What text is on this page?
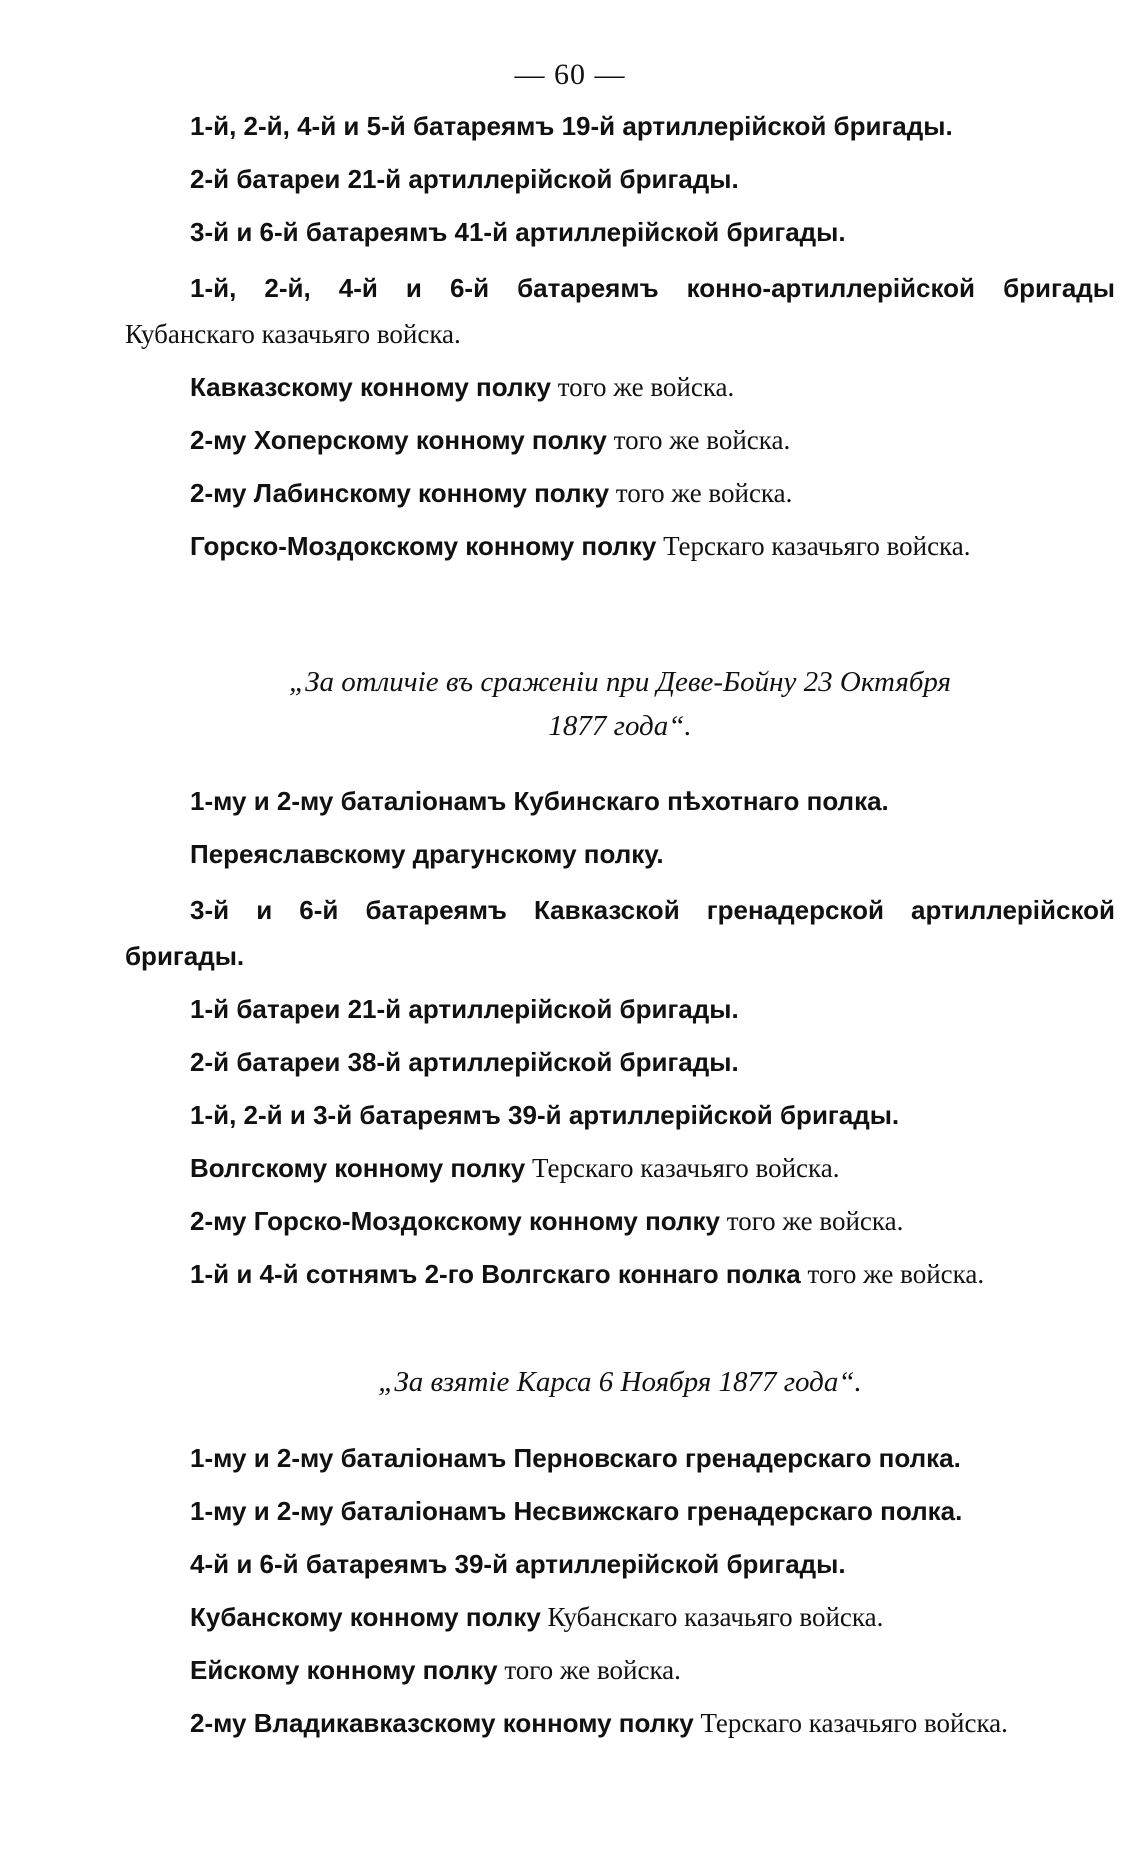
— 60 —
1-й, 2-й, 4-й и 5-й батареямъ 19-й артиллерiйской бригады.
2-й батареи 21-й артиллерiйской бригады.
3-й и 6-й батареямъ 41-й артиллерiйской бригады.
1-й, 2-й, 4-й и 6-й батареямъ конно-артиллерiйской бригады
Кубанскаго казачьяго войска.
Кавказскому конному полку того же войска.
2-му Хоперскому конному полку того же войска.
2-му Лабинскому конному полку того же войска.
Горско-Моздокскому конному полку Терскаго казачьяго войска.
„За отличiе въ сраженiи при Деве-Бойну 23 Октября
1877 года“.
1-му и 2-му баталiонамъ Кубинскаго пѣхотнаго полка.
Переяславскому драгунскому полку.
3-й и 6-й батареямъ Кавказской гренадерской артиллерiйской
бригады.
1-й батареи 21-й артиллерiйской бригады.
2-й батареи 38-й артиллерiйской бригады.
1-й, 2-й и 3-й батареямъ 39-й артиллерiйской бригады.
Волгскому конному полку Терскаго казачьяго войска.
2-му Горско-Моздокскому конному полку того же войска.
1-й и 4-й сотнямъ 2-го Волгскаго коннаго полка того же войска.
„За взятiе Карса 6 Ноября 1877 года“.
1-му и 2-му баталiонамъ Перновскаго гренадерскаго полка.
1-му и 2-му баталiонамъ Несвижскаго гренадерскаго полка.
4-й и 6-й батареямъ 39-й артиллерiйской бригады.
Кубанскому конному полку Кубанскаго казачьяго войска.
Ейскому конному полку того же войска.
2-му Владикавказскому конному полку Терскаго казачьяго войска.
